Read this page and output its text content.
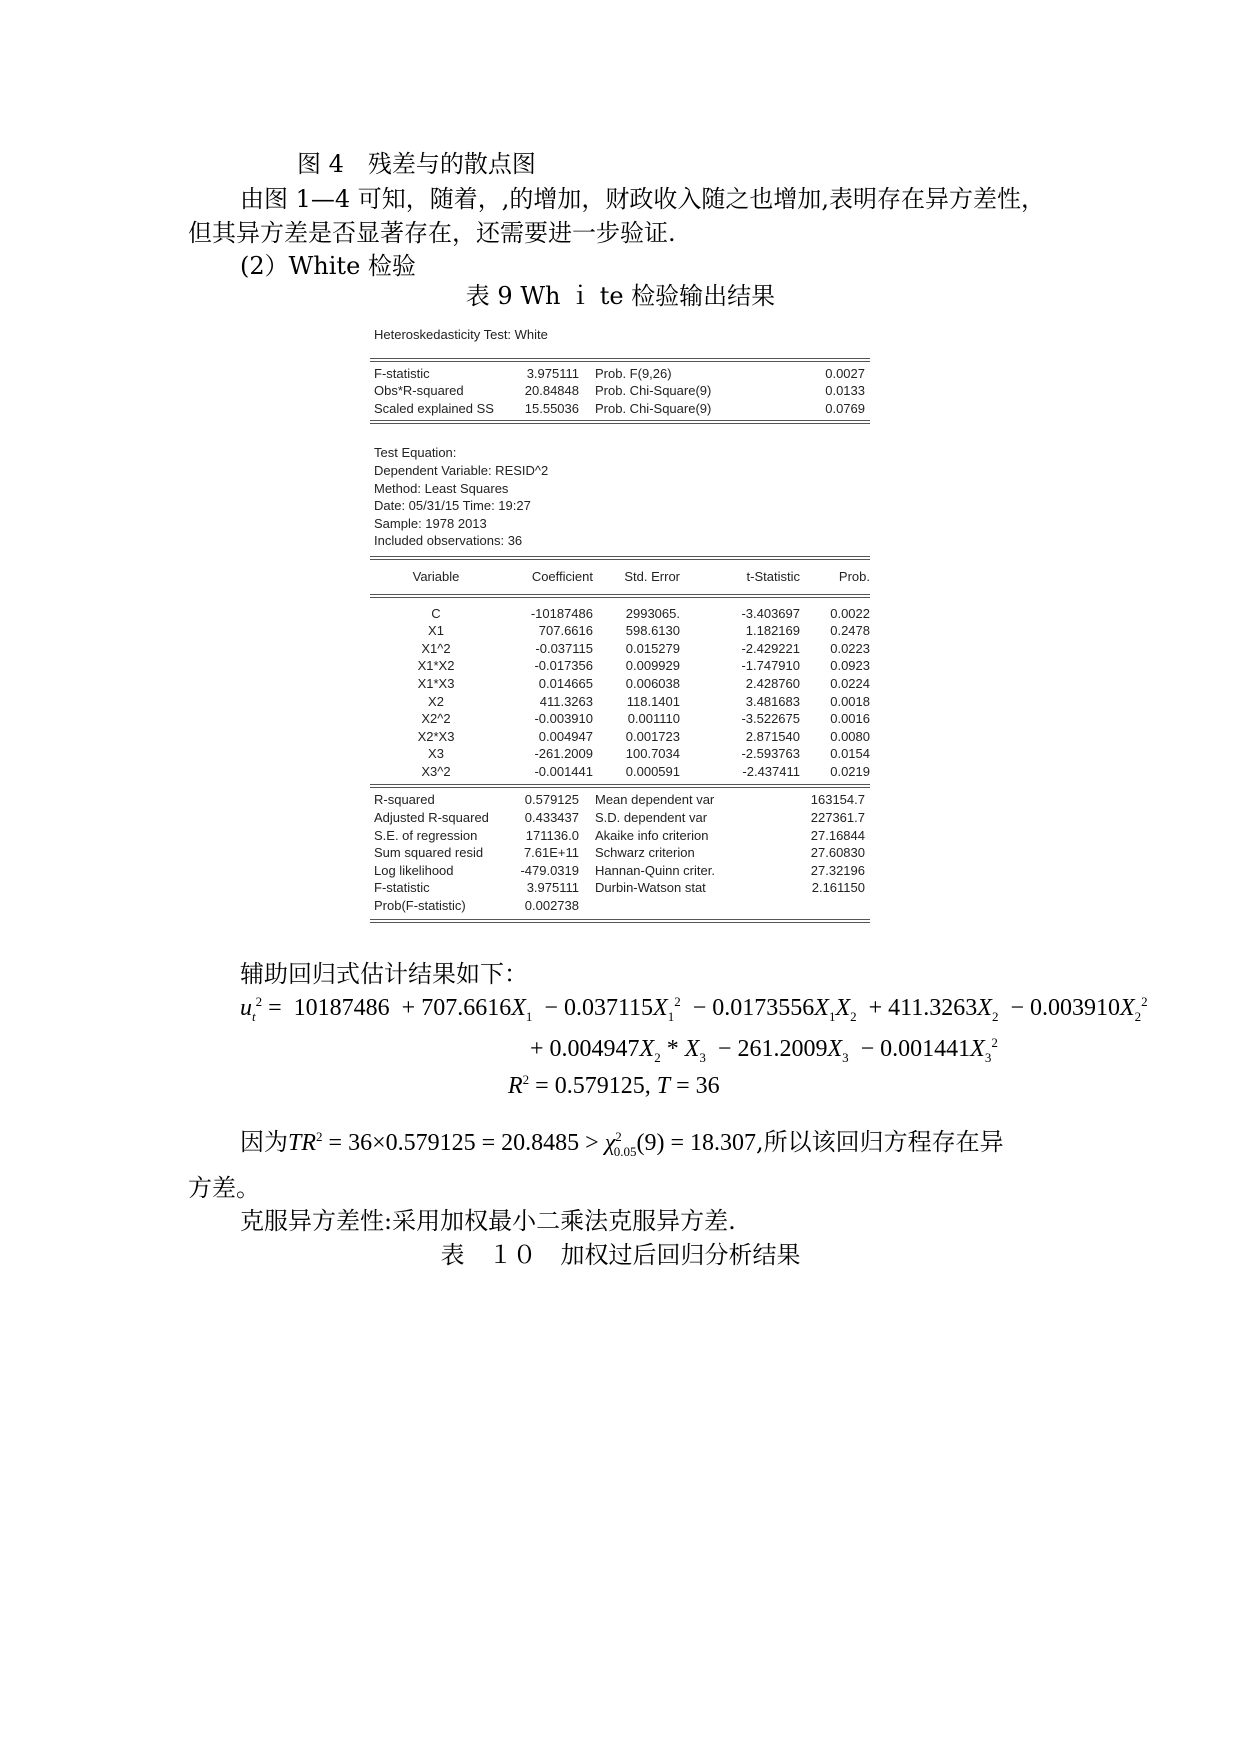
图 4　残差与的散点图
由图 1—4 可知，随着，,的增加，财政收入随之也增加,表明存在异方差性，
但其异方差是否显著存在，还需要进一步验证.
(2）White 检验
表 9 Wh ｉ te 检验输出结果
Heteroskedasticity Test: White
F-statistic	3.975111	Prob. F(9,26)	0.0027
Obs*R-squared	20.84848	Prob. Chi-Square(9)	0.0133
Scaled explained SS	15.55036	Prob. Chi-Square(9)	0.0769
Test Equation:
Dependent Variable: RESID^2
Method: Least Squares
Date: 05/31/15 Time: 19:27
Sample: 1978 2013
Included observations: 36
Variable	Coefficient	Std. Error	t-Statistic	Prob.
C	-10187486	2993065.	-3.403697	0.0022
X1	707.6616	598.6130	1.182169	0.2478
X1^2	-0.037115	0.015279	-2.429221	0.0223
X1*X2	-0.017356	0.009929	-1.747910	0.0923
X1*X3	0.014665	0.006038	2.428760	0.0224
X2	411.3263	118.1401	3.481683	0.0018
X2^2	-0.003910	0.001110	-3.522675	0.0016
X2*X3	0.004947	0.001723	2.871540	0.0080
X3	-261.2009	100.7034	-2.593763	0.0154
X3^2	-0.001441	0.000591	-2.437411	0.0219
R-squared	0.579125	Mean dependent var	163154.7
Adjusted R-squared	0.433437	S.D. dependent var	227361.7
S.E. of regression	171136.0	Akaike info criterion	27.16844
Sum squared resid	7.61E+11	Schwarz criterion	27.60830
Log likelihood	-479.0319	Hannan-Quinn criter.	27.32196
F-statistic	3.975111	Durbin-Watson stat	2.161150
Prob(F-statistic)	0.002738
辅助回归式估计结果如下：
$u_t^2 = 10187486 + 707.6616X_1 - 0.037115X_1^2 - 0.0173556X_1X_2 + 411.3263X_2 - 0.003910X_2^2$
+ $0.004947X_2 * X_3 - 261.2009X_3 - 0.001441X_3^2$
$R^2 = 0.579125$, T = 36
因为$TR^2 = 36\times 0.579125 = 20.8485 > \chi^2_{0.05}(9) = 18.307$,所以该回归方程存在异
方差。
克服异方差性:采用加权最小二乘法克服异方差.
表　１０　加权过后回归分析结果
